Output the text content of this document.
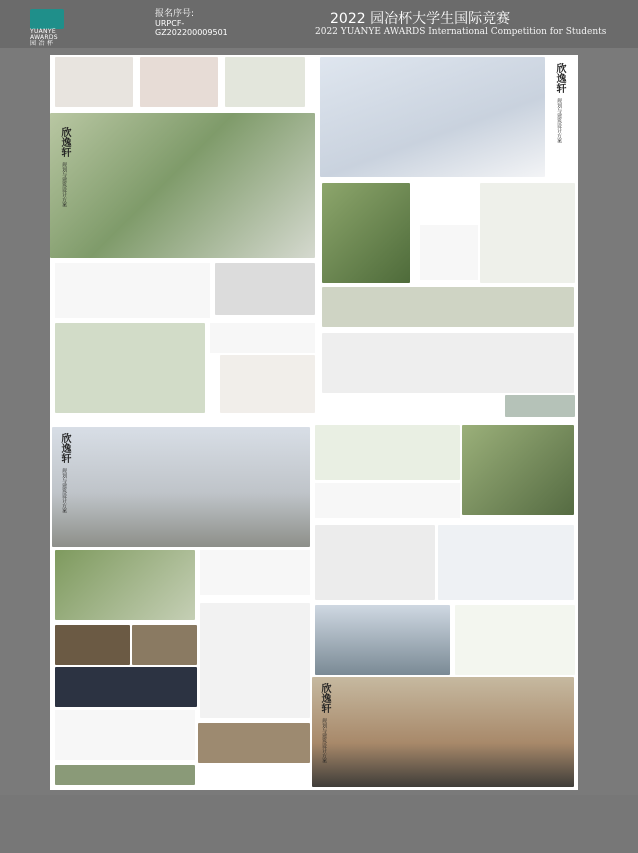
YUANYE
AWARDS
园 冶 杯
报名序号:
URPCF-
GZ202200009501
2022 园冶杯大学生国际竞赛
2022 YUANYE AWARDS International Competition for Students
欣逸轩 规划与建筑设计方案
欣逸轩 规划与建筑设计方案
欣逸轩 规划与建筑设计方案
欣逸轩 规划与建筑设计方案
